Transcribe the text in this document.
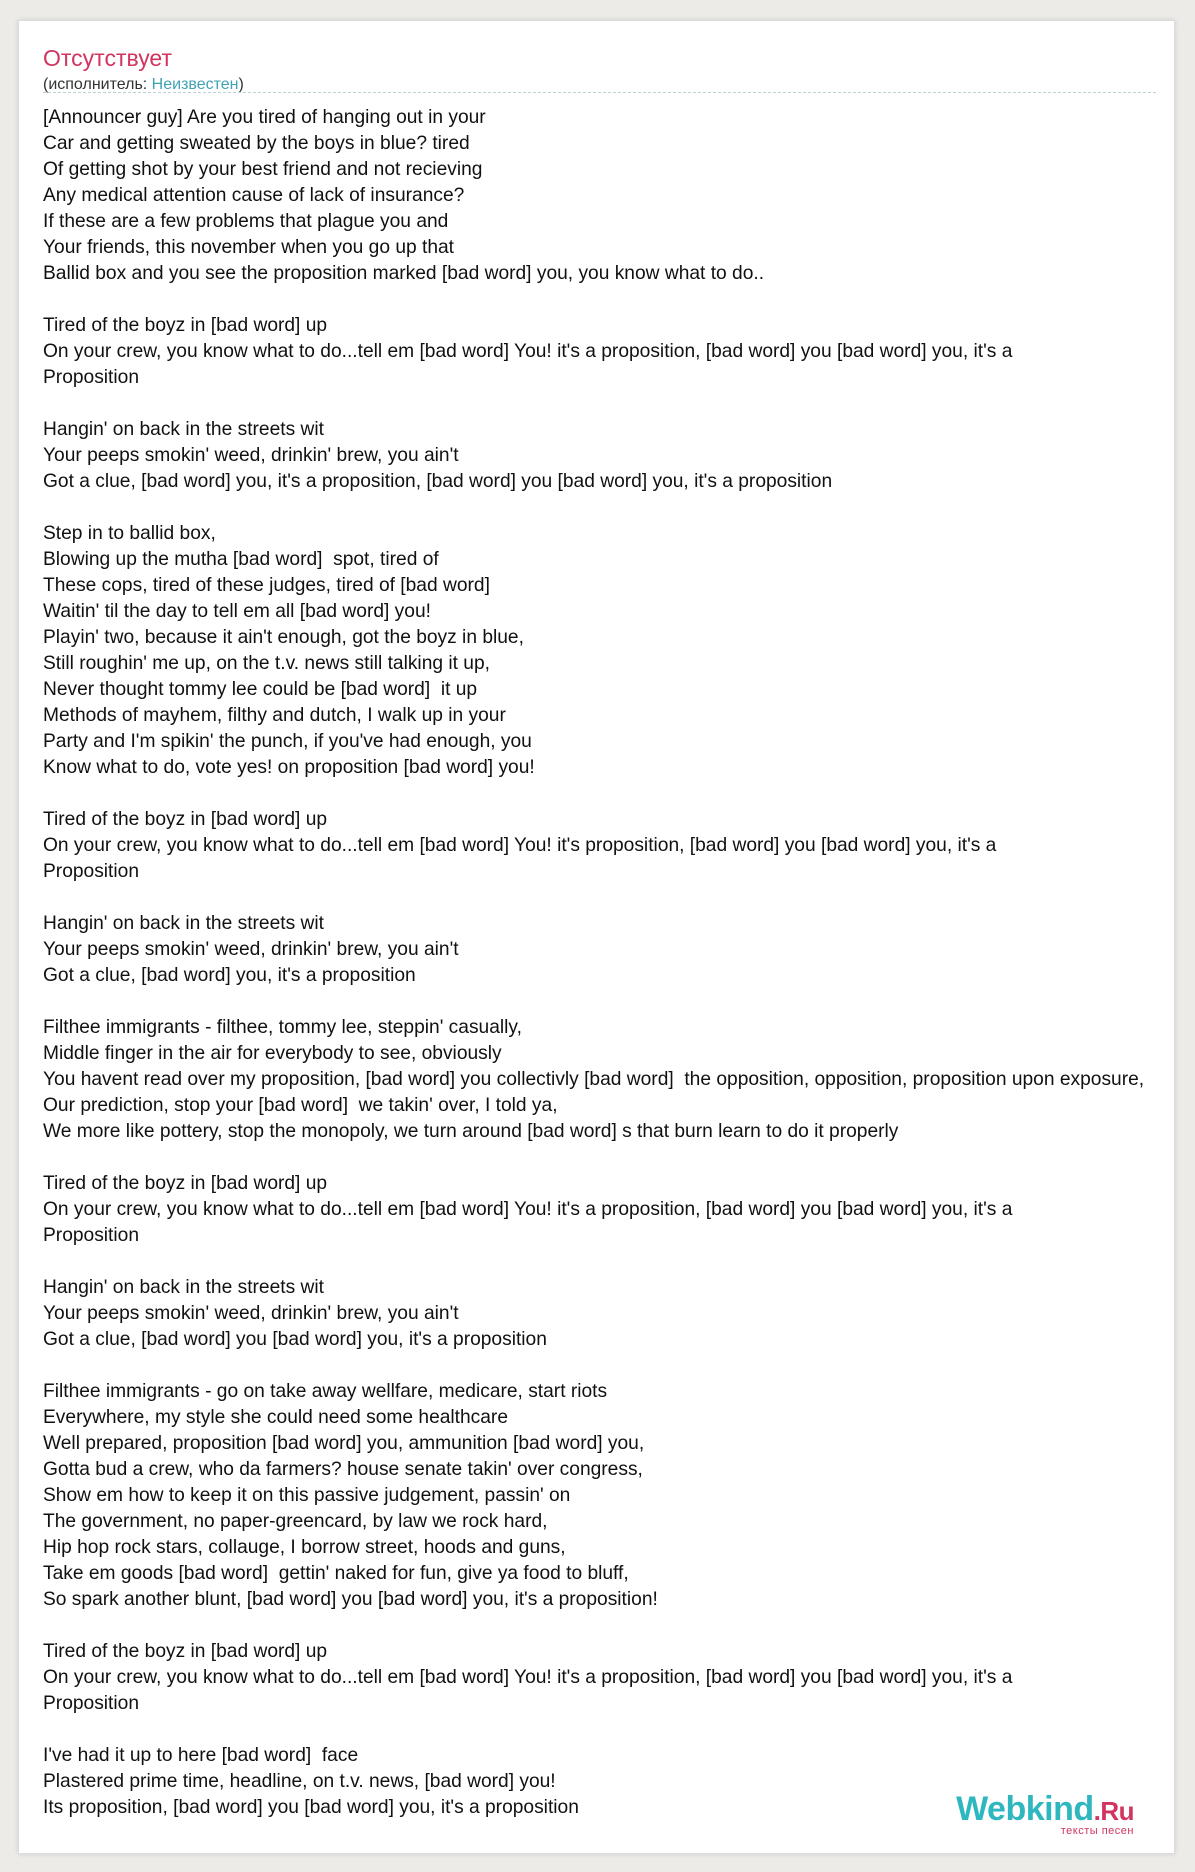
Отсутствует
(исполнитель: Неизвестен)
[Announcer guy] Are you tired of hanging out in your
Car and getting sweated by the boys in blue? tired
Of getting shot by your best friend and not recieving
Any medical attention cause of lack of insurance?
If these are a few problems that plague you and
Your friends, this november when you go up that
Ballid box and you see the proposition marked [bad word] you, you know what to do..
Tired of the boyz in [bad word] up
On your crew, you know what to do...tell em [bad word] You! it's a proposition, [bad word] you [bad word] you, it's a
Proposition
Hangin' on back in the streets wit
Your peeps smokin' weed, drinkin' brew, you ain't
Got a clue, [bad word] you, it's a proposition, [bad word] you [bad word] you, it's a proposition
Step in to ballid box,
Blowing up the mutha [bad word]  spot, tired of
These cops, tired of these judges, tired of [bad word]
Waitin' til the day to tell em all [bad word] you!
Playin' two, because it ain't enough, got the boyz in blue,
Still roughin' me up, on the t.v. news still talking it up,
Never thought tommy lee could be [bad word]  it up
Methods of mayhem, filthy and dutch, I walk up in your
Party and I'm spikin' the punch, if you've had enough, you
Know what to do, vote yes! on proposition [bad word] you!
Tired of the boyz in [bad word] up
On your crew, you know what to do...tell em [bad word] You! it's proposition, [bad word] you [bad word] you, it's a
Proposition
Hangin' on back in the streets wit
Your peeps smokin' weed, drinkin' brew, you ain't
Got a clue, [bad word] you, it's a proposition
Filthee immigrants - filthee, tommy lee, steppin' casually,
Middle finger in the air for everybody to see, obviously
You havent read over my proposition, [bad word] you collectivly [bad word]  the opposition, opposition, proposition upon exposure,
Our prediction, stop your [bad word]  we takin' over, I told ya,
We more like pottery, stop the monopoly, we turn around [bad word] s that burn learn to do it properly
Tired of the boyz in [bad word] up
On your crew, you know what to do...tell em [bad word] You! it's a proposition, [bad word] you [bad word] you, it's a
Proposition
Hangin' on back in the streets wit
Your peeps smokin' weed, drinkin' brew, you ain't
Got a clue, [bad word] you [bad word] you, it's a proposition
Filthee immigrants - go on take away wellfare, medicare, start riots
Everywhere, my style she could need some healthcare
Well prepared, proposition [bad word] you, ammunition [bad word] you,
Gotta bud a crew, who da farmers? house senate takin' over congress,
Show em how to keep it on this passive judgement, passin' on
The government, no paper-greencard, by law we rock hard,
Hip hop rock stars, collauge, I borrow street, hoods and guns,
Take em goods [bad word]  gettin' naked for fun, give ya food to bluff,
So spark another blunt, [bad word] you [bad word] you, it's a proposition!
Tired of the boyz in [bad word] up
On your crew, you know what to do...tell em [bad word] You! it's a proposition, [bad word] you [bad word] you, it's a
Proposition
I've had it up to here [bad word]  face
Plastered prime time, headline, on t.v. news, [bad word] you!
Its proposition, [bad word] you [bad word] you, it's a proposition	Webkind.Ru
тексты песен
